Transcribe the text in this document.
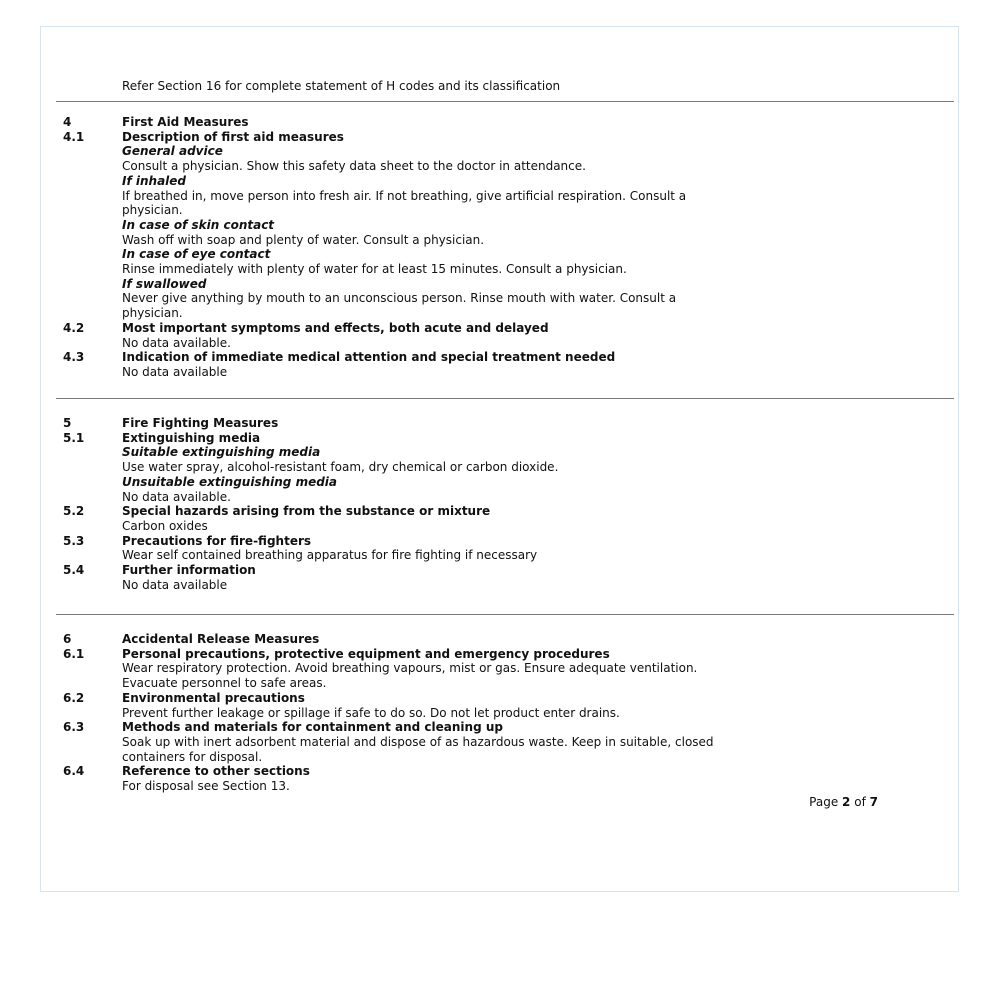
Refer Section 16 for complete statement of H codes and its classification
4	First Aid Measures
4.1	Description of first aid measures
General advice
Consult a physician. Show this safety data sheet to the doctor in attendance.
If inhaled
If breathed in, move person into fresh air. If not breathing, give artificial respiration. Consult a
physician.
In case of skin contact
Wash off with soap and plenty of water. Consult a physician.
In case of eye contact
Rinse immediately with plenty of water for at least 15 minutes. Consult a physician.
If swallowed
Never give anything by mouth to an unconscious person. Rinse mouth with water. Consult a
physician.
4.2	Most important symptoms and effects, both acute and delayed
No data available.
4.3	Indication of immediate medical attention and special treatment needed
No data available
5	Fire Fighting Measures
5.1	Extinguishing media
Suitable extinguishing media
Use water spray, alcohol-resistant foam, dry chemical or carbon dioxide.
Unsuitable extinguishing media
No data available.
5.2	Special hazards arising from the substance or mixture
Carbon oxides
5.3	Precautions for fire-fighters
Wear self contained breathing apparatus for fire fighting if necessary
5.4	Further information
No data available
6	Accidental Release Measures
6.1	Personal precautions, protective equipment and emergency procedures
Wear respiratory protection. Avoid breathing vapours, mist or gas. Ensure adequate ventilation.
Evacuate personnel to safe areas.
6.2	Environmental precautions
Prevent further leakage or spillage if safe to do so. Do not let product enter drains.
6.3	Methods and materials for containment and cleaning up
Soak up with inert adsorbent material and dispose of as hazardous waste. Keep in suitable, closed
containers for disposal.
6.4	Reference to other sections
For disposal see Section 13.
Page 2 of 7
